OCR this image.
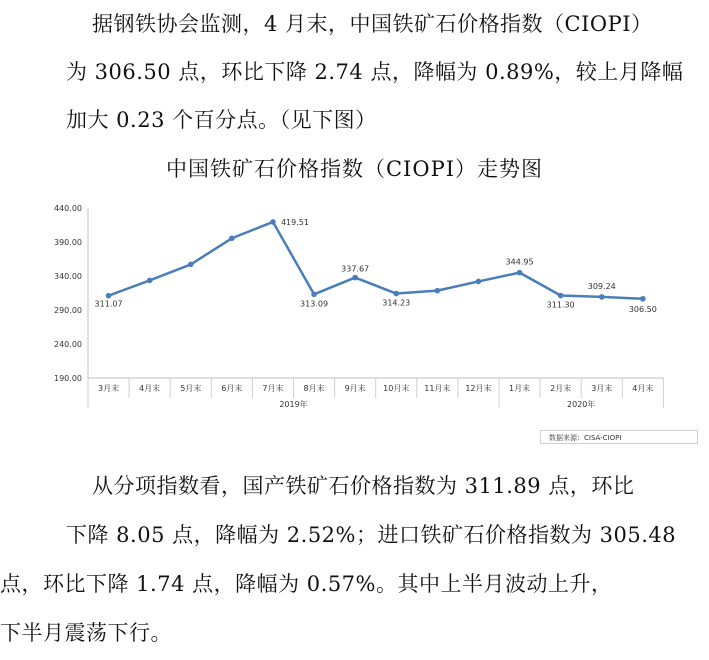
据钢铁协会监测，4 月末，中国铁矿石价格指数（CIOPI）
为 306.50 点，环比下降 2.74 点，降幅为 0.89%，较上月降幅
加大 0.23 个百分点。（见下图）
中国铁矿石价格指数（CIOPI）走势图
440.00
390.00
340.00
290.00
240.00
190.00
3月末	4月末	5月末	6月末	7月末	8月末	9月末 10月末 11月末 12月末 1月末	2月末	3月末	4月末
2019年	2020年
311.07
419.51
313.09
337.67
314.23
344.95
311.30
309.24
306.50
数据来源：CISA-CIOPI
从分项指数看，国产铁矿石价格指数为 311.89 点，环比
下降 8.05 点，降幅为 2.52%；进口铁矿石价格指数为 305.48
点，环比下降 1.74 点，降幅为 0.57%。其中上半月波动上升，
下半月震荡下行。
